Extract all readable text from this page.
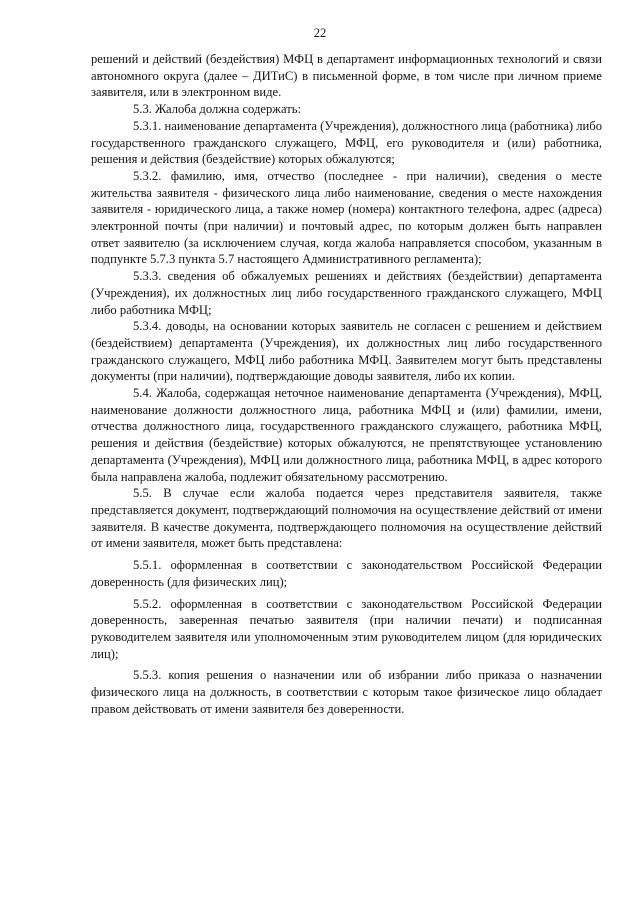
22

решений и действий (бездействия) МФЦ в департамент информационных технологий и связи автономного округа (далее – ДИТиС) в письменной форме, в том числе при личном приеме заявителя, или в электронном виде.

5.3. Жалоба должна содержать:

5.3.1. наименование департамента (Учреждения), должностного лица (работника) либо государственного гражданского служащего, МФЦ, его руководителя и (или) работника, решения и действия (бездействие) которых обжалуются;

5.3.2. фамилию, имя, отчество (последнее - при наличии), сведения о месте жительства заявителя - физического лица либо наименование, сведения о месте нахождения заявителя - юридического лица, а также номер (номера) контактного телефона, адрес (адреса) электронной почты (при наличии) и почтовый адрес, по которым должен быть направлен ответ заявителю (за исключением случая, когда жалоба направляется способом, указанным в подпункте 5.7.3 пункта 5.7 настоящего Административного регламента);

5.3.3. сведения об обжалуемых решениях и действиях (бездействии) департамента (Учреждения), их должностных лиц либо государственного гражданского служащего, МФЦ либо работника МФЦ;

5.3.4. доводы, на основании которых заявитель не согласен с решением и действием (бездействием) департамента (Учреждения), их должностных лиц либо государственного гражданского служащего, МФЦ либо работника МФЦ. Заявителем могут быть представлены документы (при наличии), подтверждающие доводы заявителя, либо их копии.

5.4. Жалоба, содержащая неточное наименование департамента (Учреждения), МФЦ, наименование должности должностного лица, работника МФЦ и (или) фамилии, имени, отчества должностного лица, государственного гражданского служащего, работника МФЦ, решения и действия (бездействие) которых обжалуются, не препятствующее установлению департамента (Учреждения), МФЦ или должностного лица, работника МФЦ, в адрес которого была направлена жалоба, подлежит обязательному рассмотрению.

5.5. В случае если жалоба подается через представителя заявителя, также представляется документ, подтверждающий полномочия на осуществление действий от имени заявителя. В качестве документа, подтверждающего полномочия на осуществление действий от имени заявителя, может быть представлена:

5.5.1. оформленная в соответствии с законодательством Российской Федерации доверенность (для физических лиц);

5.5.2. оформленная в соответствии с законодательством Российской Федерации доверенность, заверенная печатью заявителя (при наличии печати) и подписанная руководителем заявителя или уполномоченным этим руководителем лицом (для юридических лиц);

5.5.3. копия решения о назначении или об избрании либо приказа о назначении физического лица на должность, в соответствии с которым такое физическое лицо обладает правом действовать от имени заявителя без доверенности.
